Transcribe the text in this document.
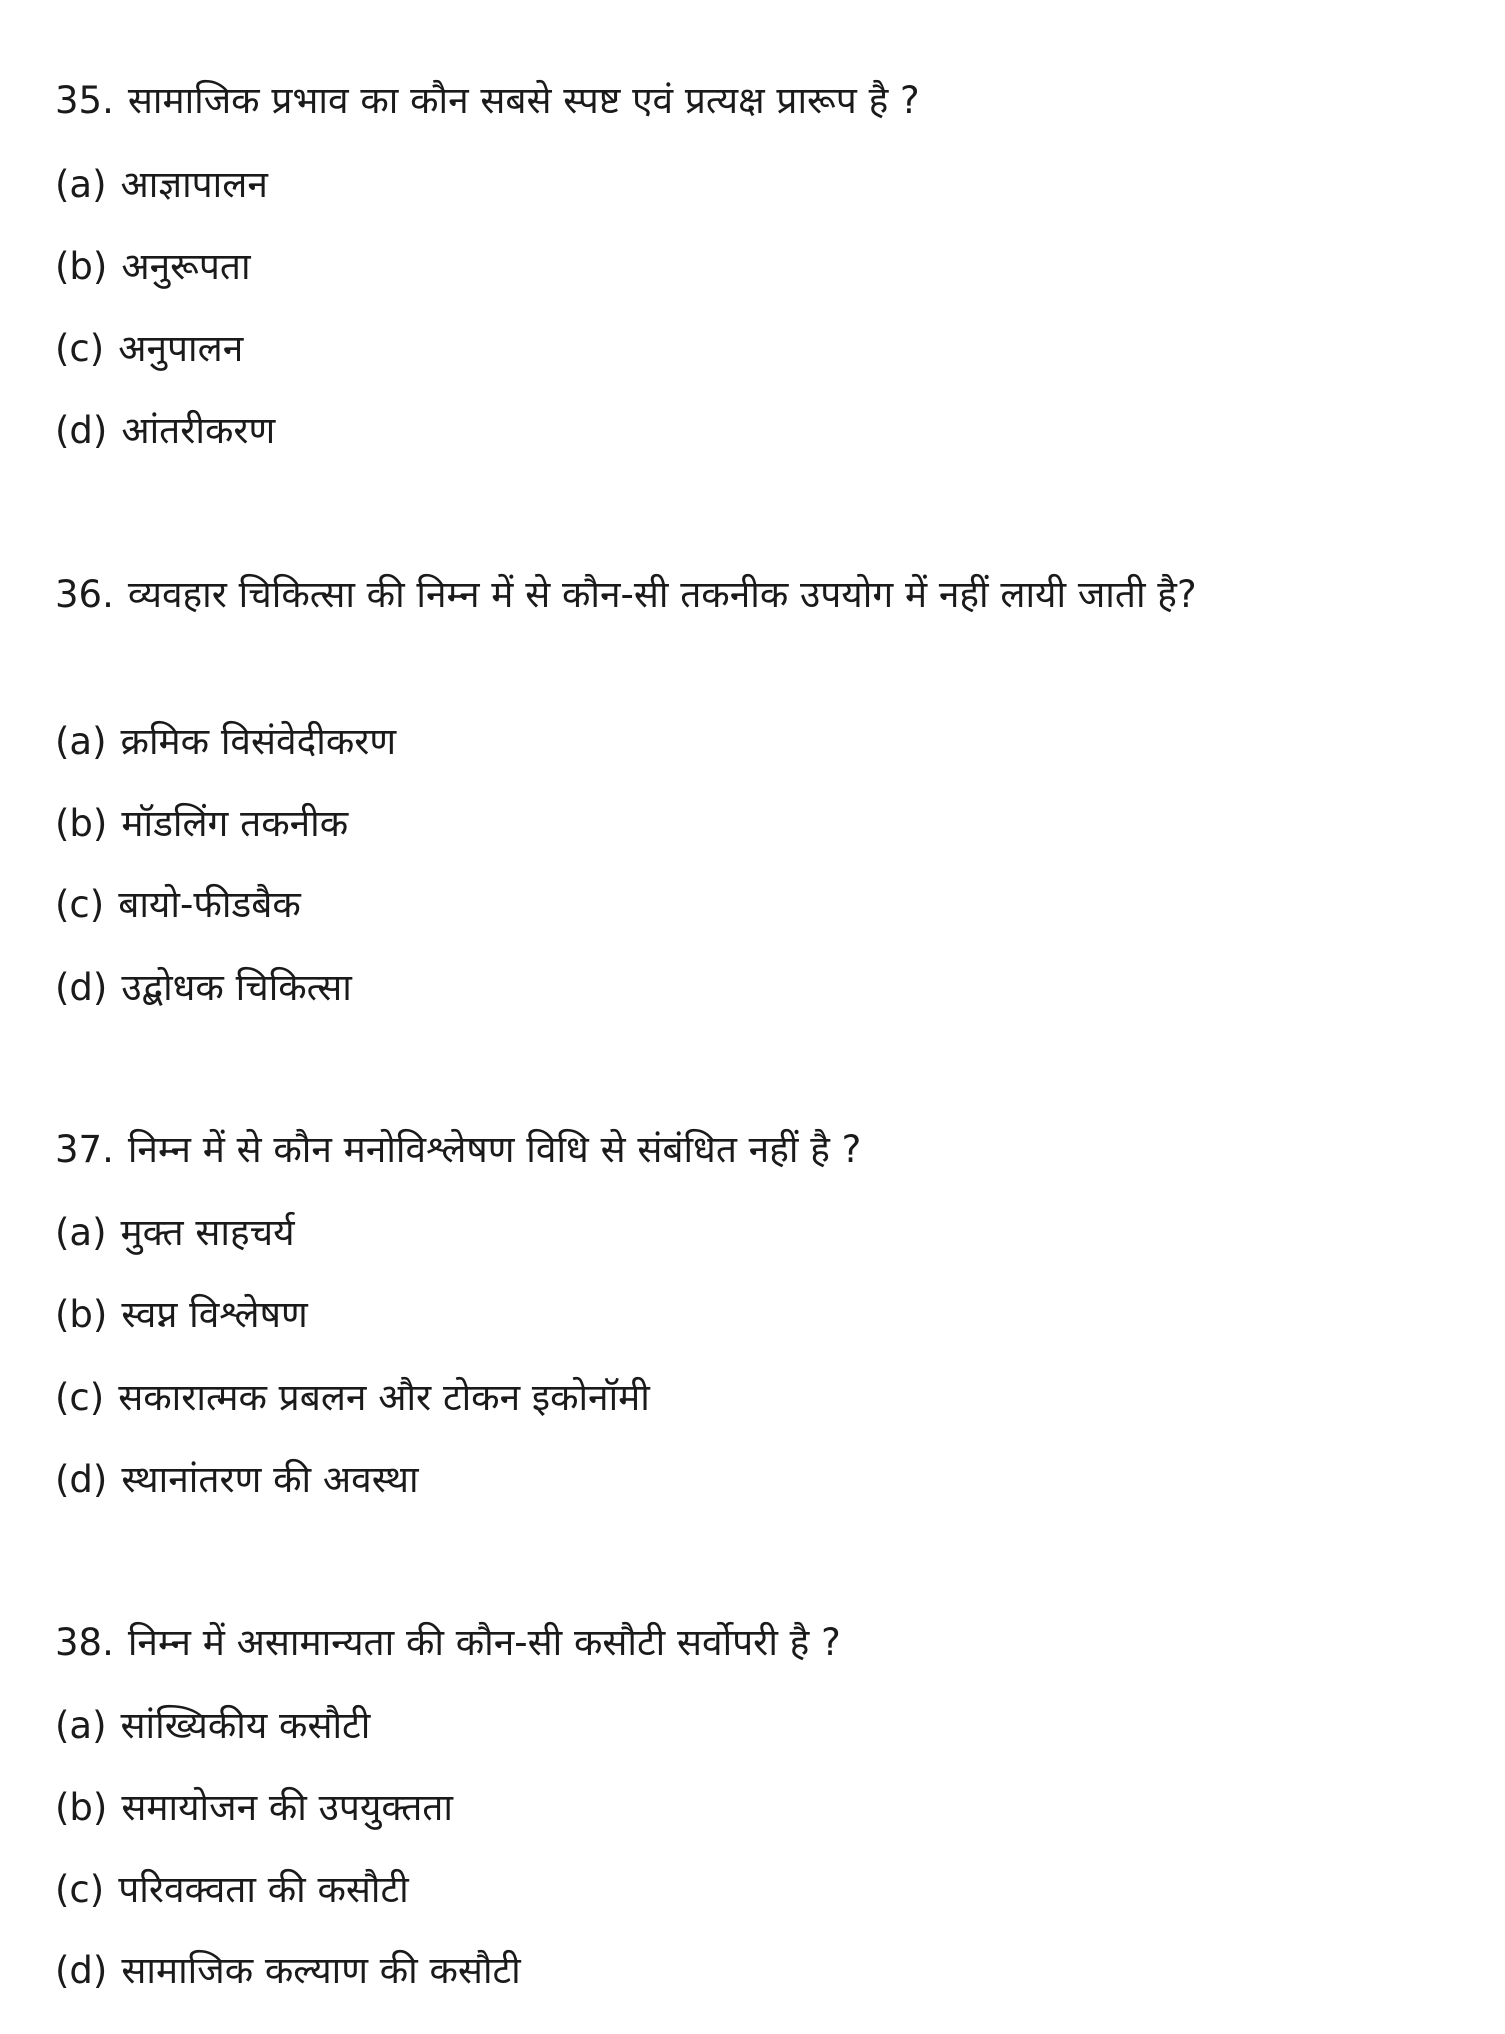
35. सामाजिक प्रभाव का कौन सबसे स्पष्ट एवं प्रत्यक्ष प्रारूप है ?
(a) आज्ञापालन
(b) अनुरूपता
(c) अनुपालन
(d) आंतरीकरण
36. व्यवहार चिकित्सा की निम्न में से कौन-सी तकनीक उपयोग में नहीं लायी जाती है?
(a) क्रमिक विसंवेदीकरण
(b) मॉडलिंग तकनीक
(c) बायो-फीडबैक
(d) उद्बोधक चिकित्सा
37. निम्न में से कौन मनोविश्लेषण विधि से संबंधित नहीं है ?
(a) मुक्त साहचर्य
(b) स्वप्न विश्लेषण
(c) सकारात्मक प्रबलन और टोकन इकोनॉमी
(d) स्थानांतरण की अवस्था
38. निम्न में असामान्यता की कौन-सी कसौटी सर्वोपरी है ?
(a) सांख्यिकीय कसौटी
(b) समायोजन की उपयुक्तता
(c) परिवक्वता की कसौटी
(d) सामाजिक कल्याण की कसौटी
